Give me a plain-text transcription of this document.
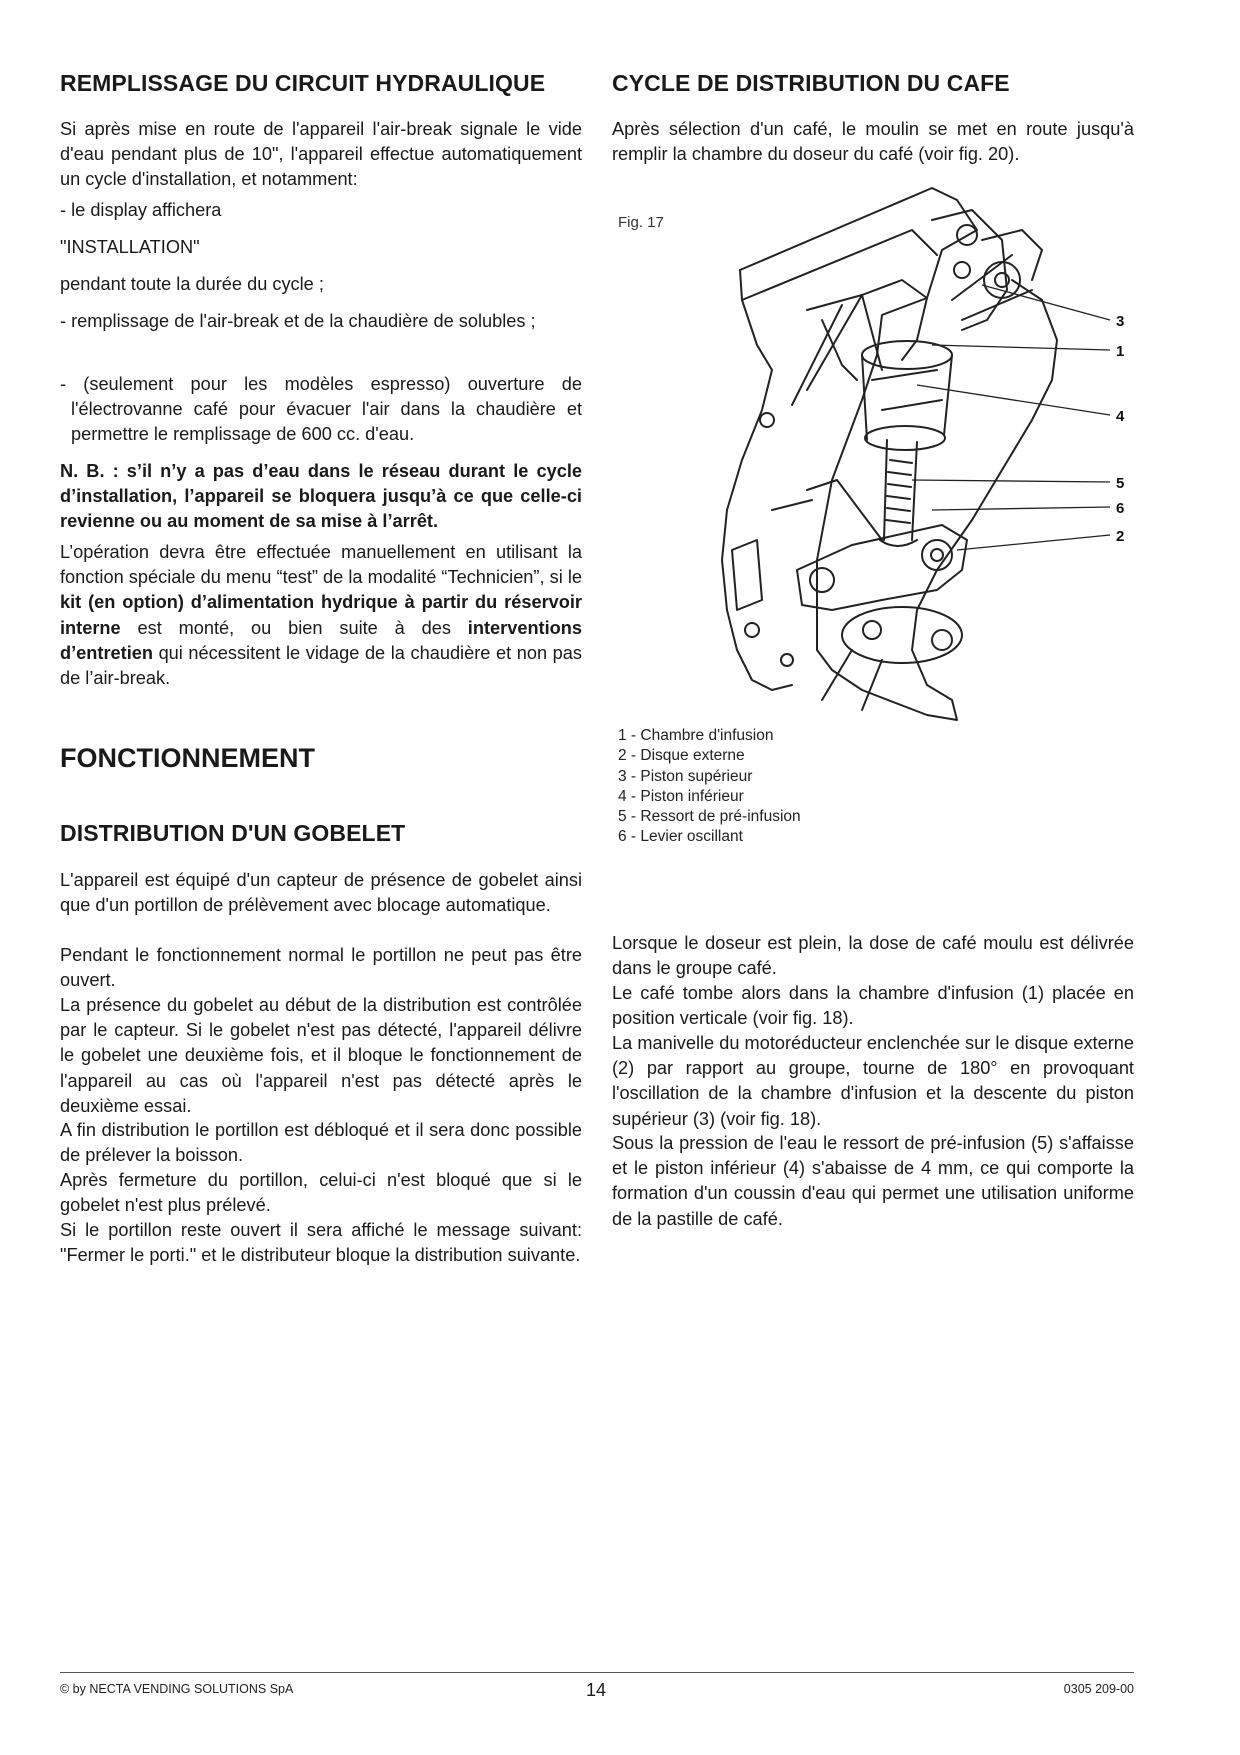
REMPLISSAGE DU CIRCUIT HYDRAULIQUE

Si après mise en route de l'appareil l'air-break signale le vide d'eau pendant plus de 10", l'appareil effectue automatiquement un cycle d'installation, et notamment:

- le display affichera

"INSTALLATION"

pendant toute la durée du cycle ;

- remplissage de l'air-break et de la chaudière de solubles ;

- (seulement pour les modèles espresso) ouverture de l'électrovanne café pour évacuer l'air dans la chaudière et permettre le remplissage de 600 cc. d'eau.

N. B. : s’il n’y a pas d’eau dans le réseau durant le cycle d’installation, l’appareil se bloquera jusqu’à ce que celle-ci revienne ou au moment de sa mise à l’arrêt.

L’opération devra être effectuée manuellement en utilisant la fonction spéciale du menu “test” de la modalité “Technicien”, si le kit (en option) d’alimentation hydrique à partir du réservoir interne est monté, ou bien suite à des interventions d’entretien qui nécessitent le vidage de la chaudière et non pas de l’air-break.

FONCTIONNEMENT
DISTRIBUTION D'UN GOBELET

L'appareil est équipé d'un capteur de présence de gobelet ainsi que d'un portillon de prélèvement avec blocage automatique.

Pendant le fonctionnement normal le portillon ne peut pas être ouvert.

La présence du gobelet au début de la distribution est contrôlée par le capteur. Si le gobelet n'est pas détecté, l'appareil délivre le gobelet une deuxième fois, et il bloque le fonctionnement de l'appareil au cas où l'appareil n'est pas détecté après le deuxième essai.

A fin distribution le portillon est débloqué et il sera donc possible de prélever la boisson.

Après fermeture du portillon, celui-ci n'est bloqué que si le gobelet n'est plus prélevé.

Si le portillon reste ouvert il sera affiché le message suivant: "Fermer le porti." et le distributeur bloque la distribution suivante.

CYCLE DE DISTRIBUTION DU CAFE

Après sélection d'un café, le moulin se met en route jusqu'à remplir la chambre du doseur du café (voir fig. 20).

Fig. 17
3
1
4
5
6
2
1 - Chambre d'infusion
2 - Disque externe
3 - Piston supérieur
4 - Piston inférieur
5 - Ressort de pré-infusion
6 - Levier oscillant

Lorsque le doseur est plein, la dose de café moulu est délivrée dans le groupe café.

Le café tombe alors dans la chambre d'infusion (1) placée en position verticale (voir fig. 18).

La manivelle du motoréducteur enclenchée sur le disque externe (2) par rapport au groupe, tourne de 180° en provoquant l'oscillation de la chambre d'infusion et la descente du piston supérieur (3) (voir fig. 18).

Sous la pression de l'eau le ressort de pré-infusion (5) s'affaisse et le piston inférieur (4) s'abaisse de 4 mm, ce qui comporte la formation d'un coussin d'eau qui permet une utilisation uniforme de la pastille de café.

© by NECTA VENDING SOLUTIONS SpA	14	0305 209-00
